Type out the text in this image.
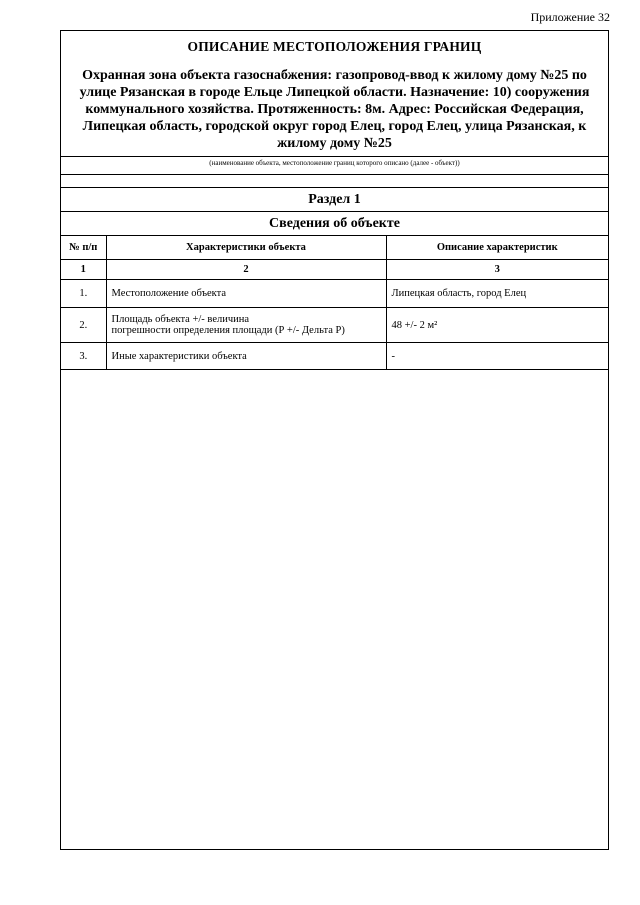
Приложение 32
ОПИСАНИЕ МЕСТОПОЛОЖЕНИЯ ГРАНИЦ
Охранная зона объекта газоснабжения: газопровод-ввод к жилому дому №25 по
улице Рязанская в городе Ельце Липецкой области. Назначение: 10) сооружения
коммунального хозяйства. Протяженность: 8м. Адрес: Российская Федерация,
Липецкая область, городской округ город Елец, город Елец, улица Рязанская, к
жилому дому №25
(наименование объекта, местоположение границ которого описано (далее - объект))
Раздел 1
Сведения об объекте
№ п/п	Характеристики объекта	Описание характеристик
1	2	3
1.	Местоположение объекта	Липецкая область, город Елец
2.	Площадь объекта +/- величина
погрешности определения площади (Р +/- Дельта Р)	48 +/- 2 м²
3.	Иные характеристики объекта	-
